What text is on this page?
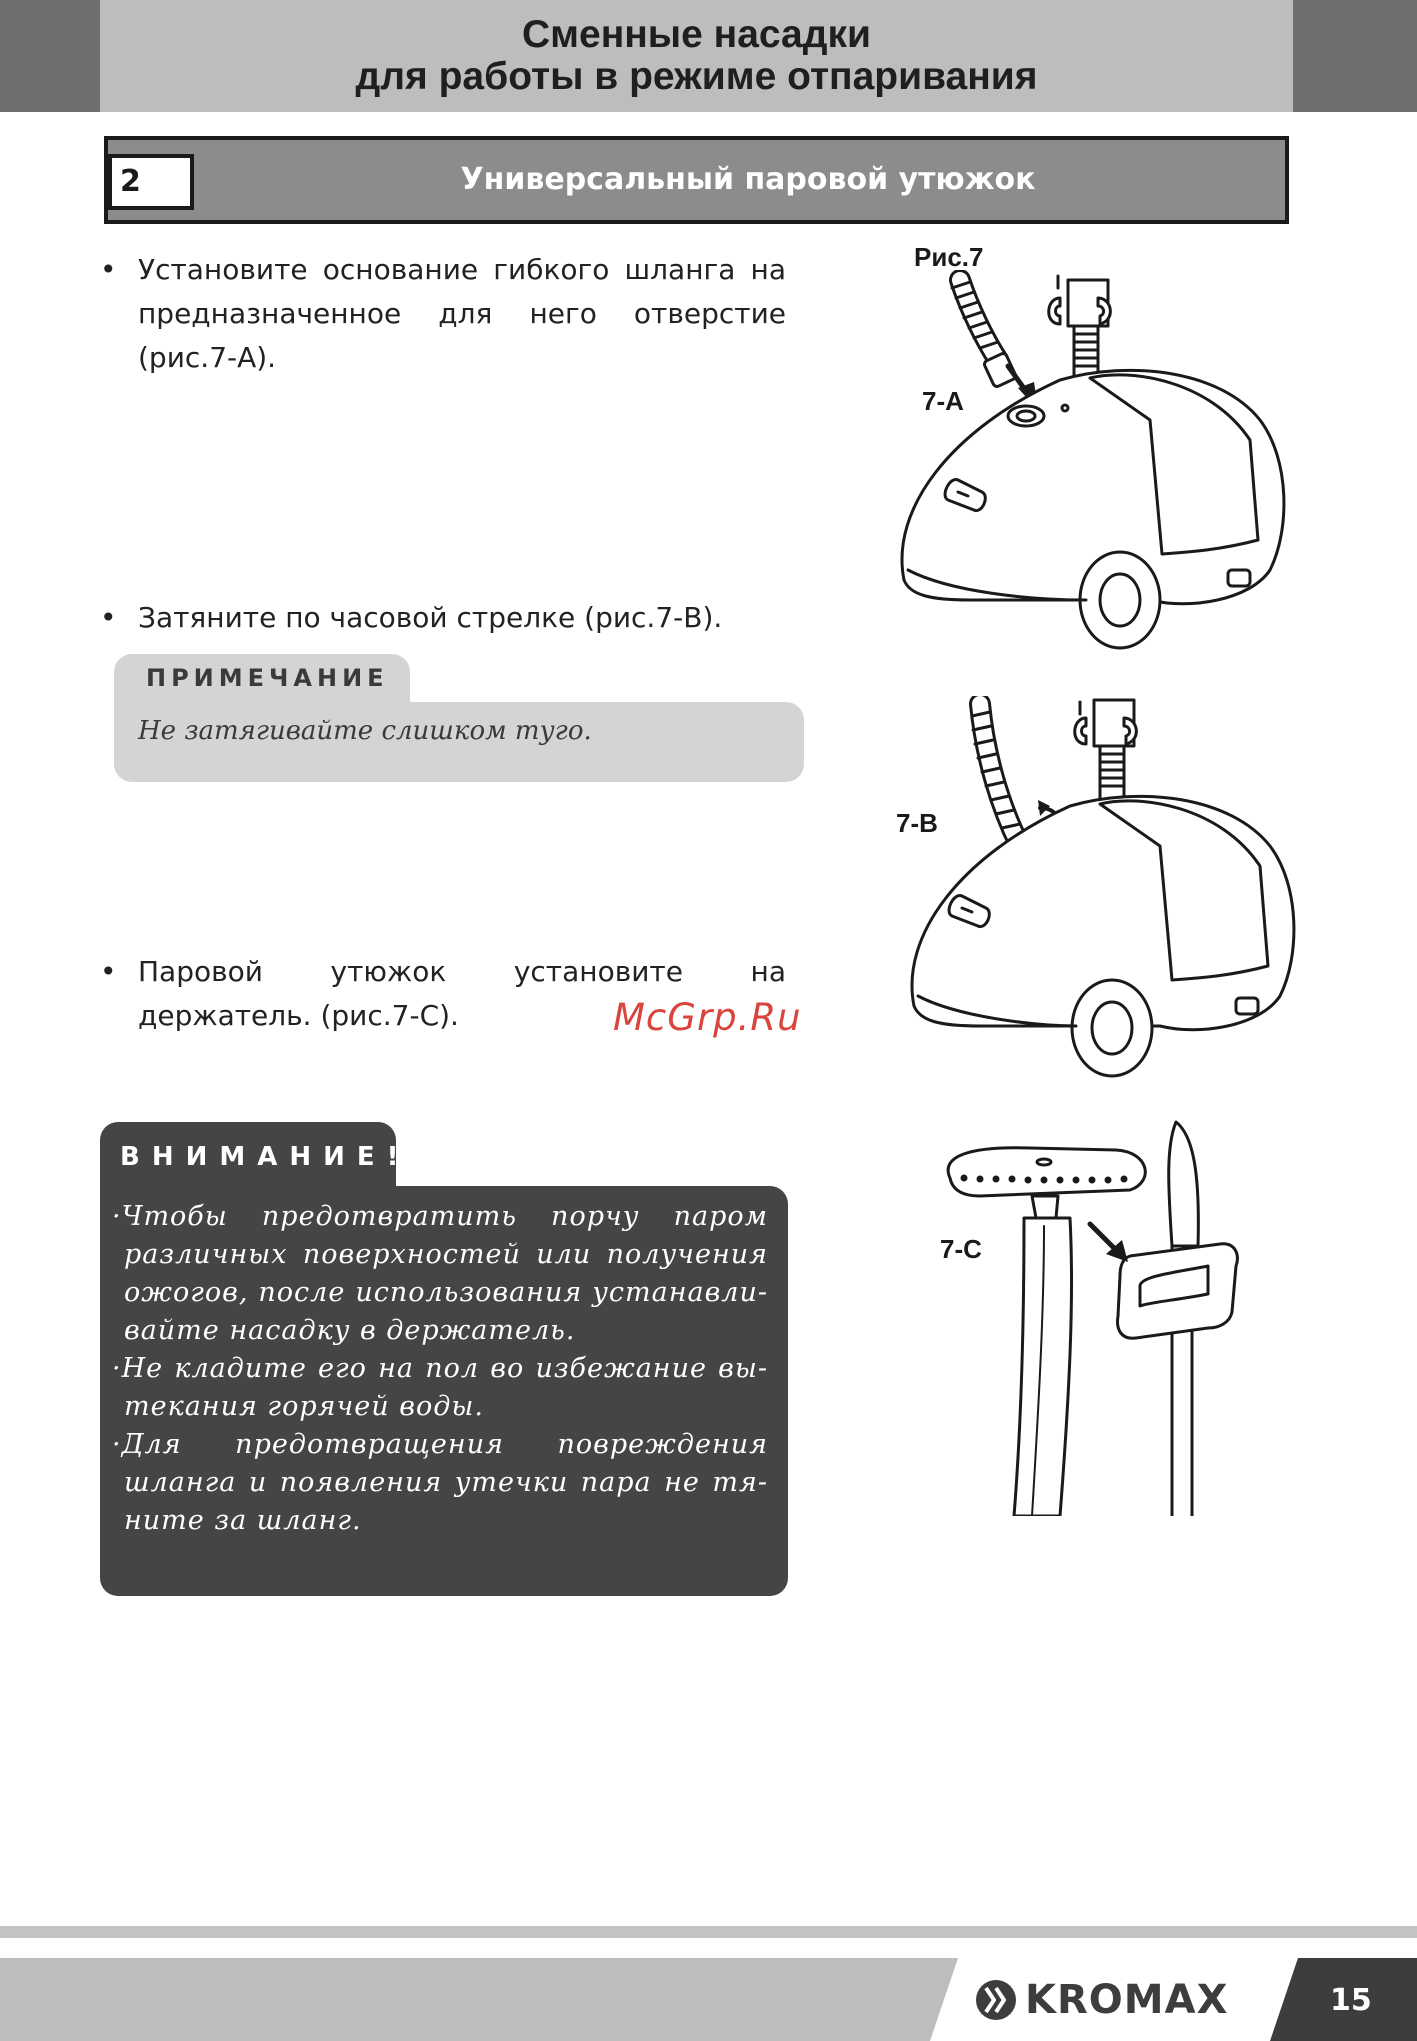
Сменные насадки
для работы в режиме отпаривания
2	Универсальный паровой утюжок
• Установите основание гибкого шланга на предназначенное для него отверстие (рис.7-А).
• Затяните по часовой стрелке (рис.7-В).
• Паровой утюжок установите на держатель. (рис.7-С).
ПРИМЕЧАНИЕ
Не затягивайте слишком туго.
McGrp.Ru
ВНИМАНИЕ!
·Чтобы предотвратить порчу паром
различных поверхностей или получения
ожогов, после использования устанавли-
вайте насадку в держатель.
·Не кладите его на пол во избежание вы-
текания горячей воды.
·Для предотвращения повреждения
шланга и появления утечки пара не тя-
ните за шланг.
Рис.7
7-A
7-B
7-C
KROMAX	15
